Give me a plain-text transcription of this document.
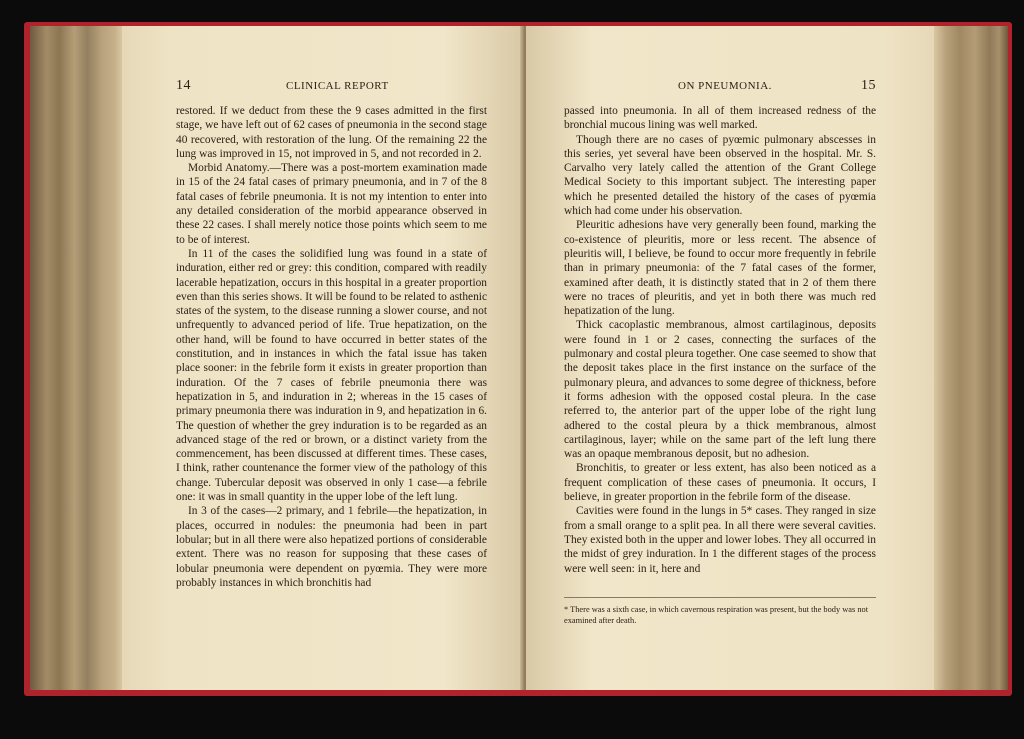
14	CLINICAL REPORT

restored. If we deduct from these the 9 cases admitted in the first stage, we have left out of 62 cases of pneumonia in the second stage 40 recovered, with restoration of the lung. Of the remaining 22 the lung was improved in 15, not improved in 5, and not recorded in 2.

Morbid Anatomy.—There was a post-mortem examination made in 15 of the 24 fatal cases of primary pneumonia, and in 7 of the 8 fatal cases of febrile pneumonia. It is not my intention to enter into any detailed consideration of the morbid appearance observed in these 22 cases. I shall merely notice those points which seem to me to be of interest.

In 11 of the cases the solidified lung was found in a state of induration, either red or grey: this condition, compared with readily lacerable hepatization, occurs in this hospital in a greater proportion even than this series shows. It will be found to be related to asthenic states of the system, to the disease running a slower course, and not unfrequently to advanced period of life. True hepatization, on the other hand, will be found to have occurred in better states of the constitution, and in instances in which the fatal issue has taken place sooner: in the febrile form it exists in greater proportion than induration. Of the 7 cases of febrile pneumonia there was hepatization in 5, and induration in 2; whereas in the 15 cases of primary pneumonia there was induration in 9, and hepatization in 6. The question of whether the grey induration is to be regarded as an advanced stage of the red or brown, or a distinct variety from the commencement, has been discussed at different times. These cases, I think, rather countenance the former view of the pathology of this change. Tubercular deposit was observed in only 1 case—a febrile one: it was in small quantity in the upper lobe of the left lung.

In 3 of the cases—2 primary, and 1 febrile—the hepatization, in places, occurred in nodules: the pneumonia had been in part lobular; but in all there were also hepatized portions of considerable extent. There was no reason for supposing that these cases of lobular pneumonia were dependent on pyœmia. They were more probably instances in which bronchitis had

ON PNEUMONIA.	15

passed into pneumonia. In all of them increased redness of the bronchial mucous lining was well marked.

Though there are no cases of pyœmic pulmonary abscesses in this series, yet several have been observed in the hospital. Mr. S. Carvalho very lately called the attention of the Grant College Medical Society to this important subject. The interesting paper which he presented detailed the history of the cases of pyœmia which had come under his observation.

Pleuritic adhesions have very generally been found, marking the co-existence of pleuritis, more or less recent. The absence of pleuritis will, I believe, be found to occur more frequently in febrile than in primary pneumonia: of the 7 fatal cases of the former, examined after death, it is distinctly stated that in 2 of them there were no traces of pleuritis, and yet in both there was much red hepatization of the lung.

Thick cacoplastic membranous, almost cartilaginous, deposits were found in 1 or 2 cases, connecting the surfaces of the pulmonary and costal pleura together. One case seemed to show that the deposit takes place in the first instance on the surface of the pulmonary pleura, and advances to some degree of thickness, before it forms adhesion with the opposed costal pleura. In the case referred to, the anterior part of the upper lobe of the right lung adhered to the costal pleura by a thick membranous, almost cartilaginous, layer; while on the same part of the left lung there was an opaque membranous deposit, but no adhesion.

Bronchitis, to greater or less extent, has also been noticed as a frequent complication of these cases of pneumonia. It occurs, I believe, in greater proportion in the febrile form of the disease.

Cavities were found in the lungs in 5* cases. They ranged in size from a small orange to a split pea. In all there were several cavities. They existed both in the upper and lower lobes. They all occurred in the midst of grey induration. In 1 the different stages of the process were well seen: in it, here and

* There was a sixth case, in which cavernous respiration was present, but the body was not examined after death.
